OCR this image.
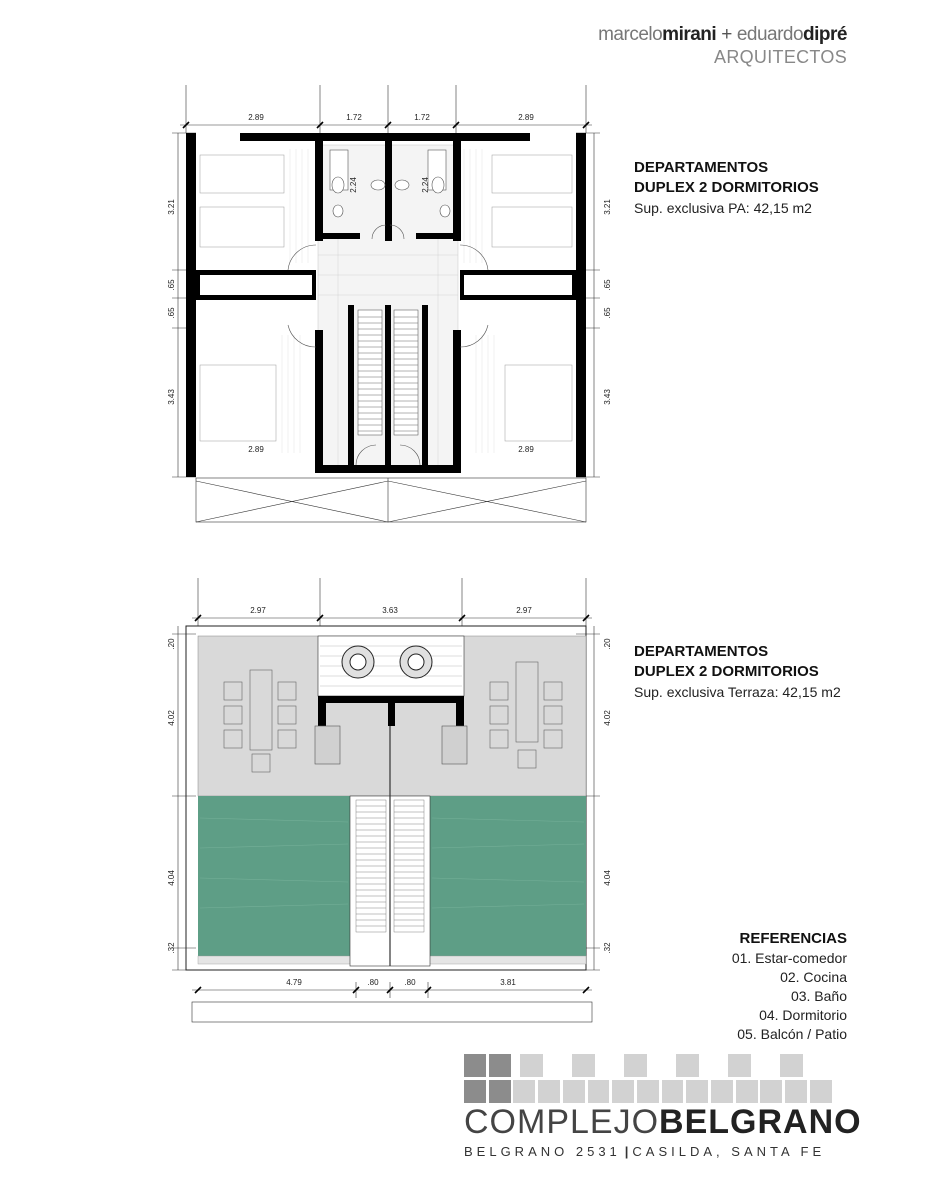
marcelomirani + eduardodipré
ARQUITECTOS
2.89	1.72	1.72	2.89
3.21
.65
.65
3.43
3.21
.65
.65
3.43
2.24	2.24
2.89	2.89
DEPARTAMENTOS
DUPLEX 2 DORMITORIOS
Sup. exclusiva PA: 42,15 m2
2.97	3.63	2.97
.20
4.02
4.04
.32
.20
4.02
4.04
.32
4.79	.80	.80	3.81
DEPARTAMENTOS
DUPLEX 2 DORMITORIOS
Sup. exclusiva Terraza: 42,15 m2
REFERENCIAS
01. Estar-comedor
02. Cocina
03. Baño
04. Dormitorio
05. Balcón / Patio
COMPLEJOBELGRANO
BELGRANO 2531 | CASILDA, SANTA FE
